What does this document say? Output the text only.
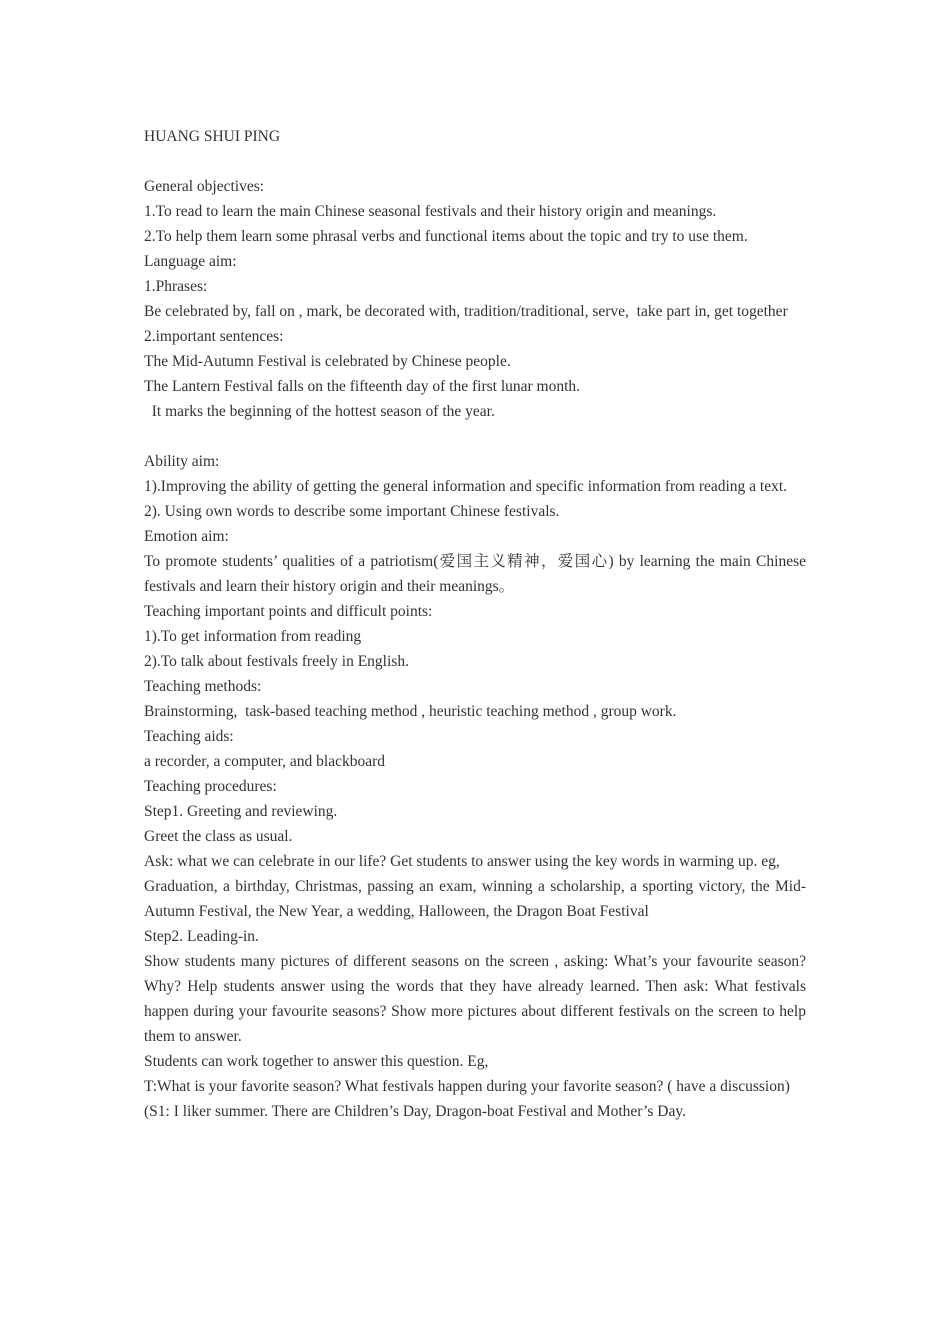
HUANG SHUI PING
General objectives:
1.To read to learn the main Chinese seasonal festivals and their history origin and meanings.
2.To help them learn some phrasal verbs and functional items about the topic and try to use them.
Language aim:
1.Phrases:
Be celebrated by, fall on , mark, be decorated with, tradition/traditional, serve,  take part in, get together
2.important sentences:
The Mid-Autumn Festival is celebrated by Chinese people.
The Lantern Festival falls on the fifteenth day of the first lunar month.
It marks the beginning of the hottest season of the year.
Ability aim:
1).Improving the ability of getting the general information and specific information from reading a text.
2). Using own words to describe some important Chinese festivals.
Emotion aim:
To promote students’ qualities of a patriotism(爱国主义精神，爱国心) by learning the main Chinese festivals and learn their history origin and their meanings。
Teaching important points and difficult points:
1).To get information from reading
2).To talk about festivals freely in English.
Teaching methods:
Brainstorming,  task-based teaching method , heuristic teaching method , group work.
Teaching aids:
a recorder, a computer, and blackboard
Teaching procedures:
Step1. Greeting and reviewing.
Greet the class as usual.
Ask: what we can celebrate in our life? Get students to answer using the key words in warming up. eg,
Graduation, a birthday, Christmas, passing an exam, winning a scholarship, a sporting victory, the Mid-Autumn Festival, the New Year, a wedding, Halloween, the Dragon Boat Festival
Step2. Leading-in.
Show students many pictures of different seasons on the screen , asking: What’s your favourite season? Why? Help students answer using the words that they have already learned. Then ask: What festivals happen during your favourite seasons? Show more pictures about different festivals on the screen to help them to answer.
Students can work together to answer this question. Eg,
T:What is your favorite season? What festivals happen during your favorite season? ( have a discussion)
(S1: I liker summer. There are Children’s Day, Dragon-boat Festival and Mother’s Day.
